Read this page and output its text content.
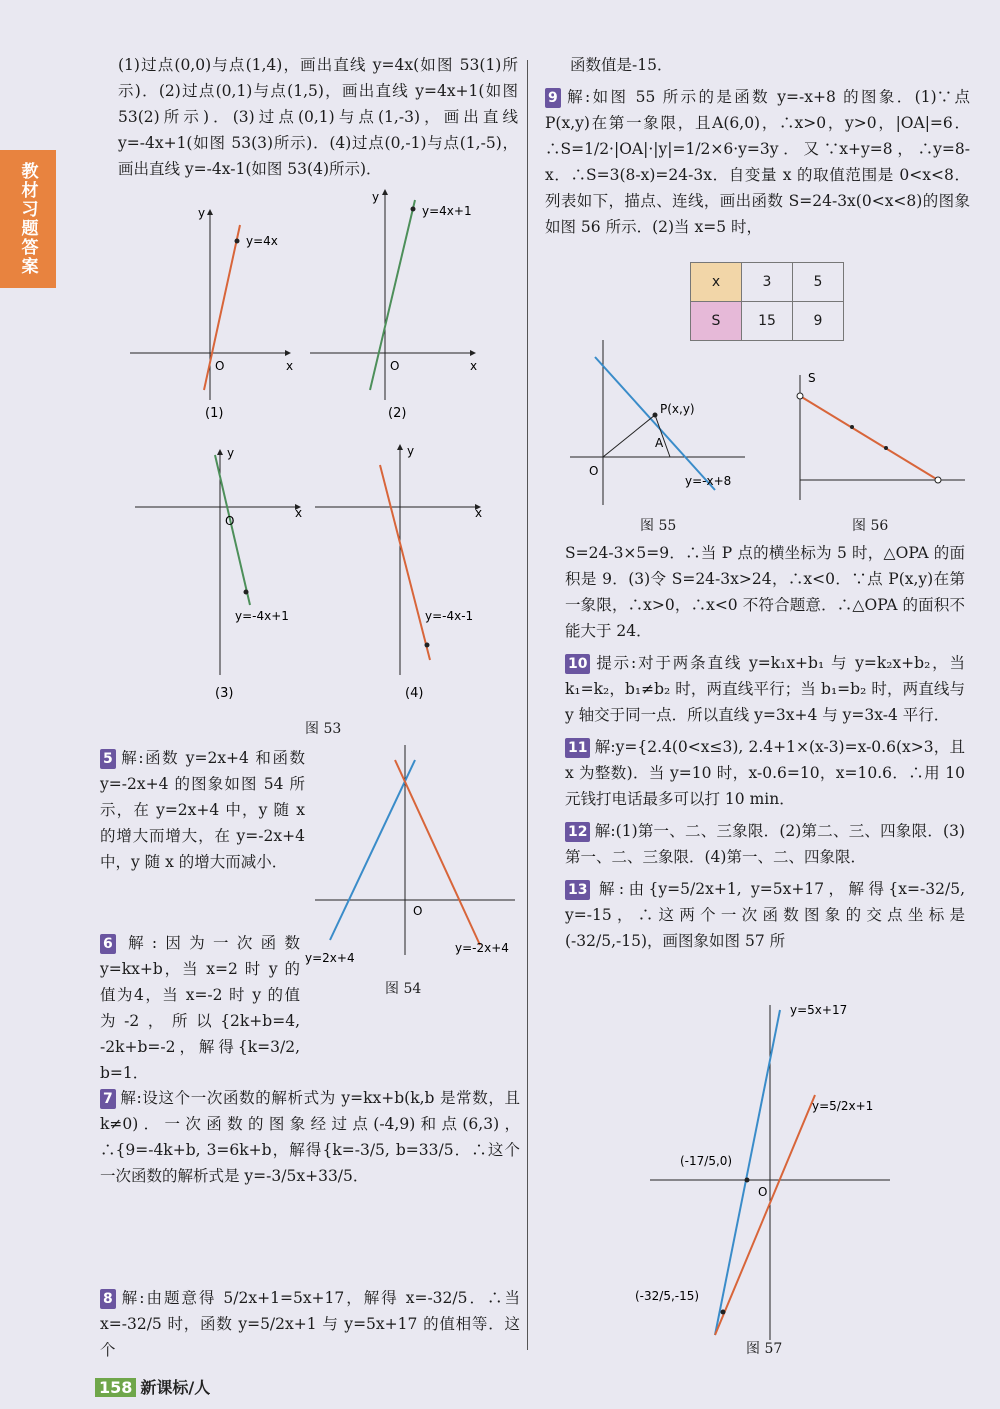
教材习题答案

(1)过点(0,0)与点(1,4)，画出直线 y=4x(如图 53(1)所示)．(2)过点(0,1)与点(1,5)，画出直线 y=4x+1(如图53(2)所示)．(3)过点(0,1)与点(1,-3)，画出直线 y=-4x+1(如图 53(3)所示)．(4)过点(0,-1)与点(1,-5)，画出直线 y=-4x-1(如图 53(4)所示)．

y=4x
y
x
O
y=4x+1
y
x
O
(1)	(2)
y=-4x+1
y
x
O
y=-4x-1
y
x
(3)	(4)
图 53

5 解:函数 y=2x+4 和函数 y=-2x+4 的图象如图 54 所示，在 y=2x+4 中，y 随 x 的增大而增大，在 y=-2x+4 中，y 随 x 的增大而减小．

y=2x+4
y=-2x+4
O
图 54

6 解:因为一次函数 y=kx+b，当 x=2 时 y 的值为4，当 x=-2 时 y 的值为-2，所以{2k+b=4, -2k+b=-2，解得{k=3/2, b=1．

7 解:设这个一次函数的解析式为 y=kx+b(k,b 是常数，且 k≠0)．一次函数的图象经过点(-4,9)和点(6,3)，∴{9=-4k+b, 3=6k+b，解得{k=-3/5, b=33/5．∴这个一次函数的解析式是 y=-3/5x+33/5．

8 解:由题意得 5/2x+1=5x+17，解得 x=-32/5．∴当 x=-32/5 时，函数 y=5/2x+1 与 y=5x+17 的值相等．这个

函数值是-15．

9 解:如图 55 所示的是函数 y=-x+8 的图象．(1)∵点 P(x,y)在第一象限，且A(6,0)，∴x>0，y>0，|OA|=6．∴S=1/2·|OA|·|y|=1/2×6·y=3y．又∵x+y=8，∴y=8-x．∴S=3(8-x)=24-3x．自变量 x 的取值范围是 0<x<8．列表如下，描点、连线，画出函数 S=24-3x(0<x<8)的图象如图 56 所示．(2)当 x=5 时，

x	3	5
S	15	9
P(x,y)
A
y=-x+8
O
图 55
S
图 56

S=24-3×5=9．∴当 P 点的横坐标为 5 时，△OPA 的面积是 9．(3)令 S=24-3x>24，∴x<0．∵点 P(x,y)在第一象限，∴x>0，∴x<0 不符合题意．∴△OPA 的面积不能大于 24．

10 提示:对于两条直线 y=k₁x+b₁ 与 y=k₂x+b₂，当 k₁=k₂，b₁≠b₂ 时，两直线平行；当 b₁=b₂ 时，两直线与 y 轴交于同一点．所以直线 y=3x+4 与 y=3x-4 平行．

11 解:y={2.4(0<x≤3), 2.4+1×(x-3)=x-0.6(x>3，且 x 为整数)．当 y=10 时，x-0.6=10，x=10.6．∴用 10 元钱打电话最多可以打 10 min．

12 解:(1)第一、二、三象限．(2)第二、三、四象限．(3)第一、二、三象限．(4)第一、二、四象限．

13 解:由{y=5/2x+1, y=5x+17，解得{x=-32/5, y=-15，∴这两个一次函数图象的交点坐标是(-32/5,-15)，画图象如图 57 所

y=5x+17
y=5/2x+1
(-17/5,0)
(-32/5,-15)
O
图 57
158 新课标/人
